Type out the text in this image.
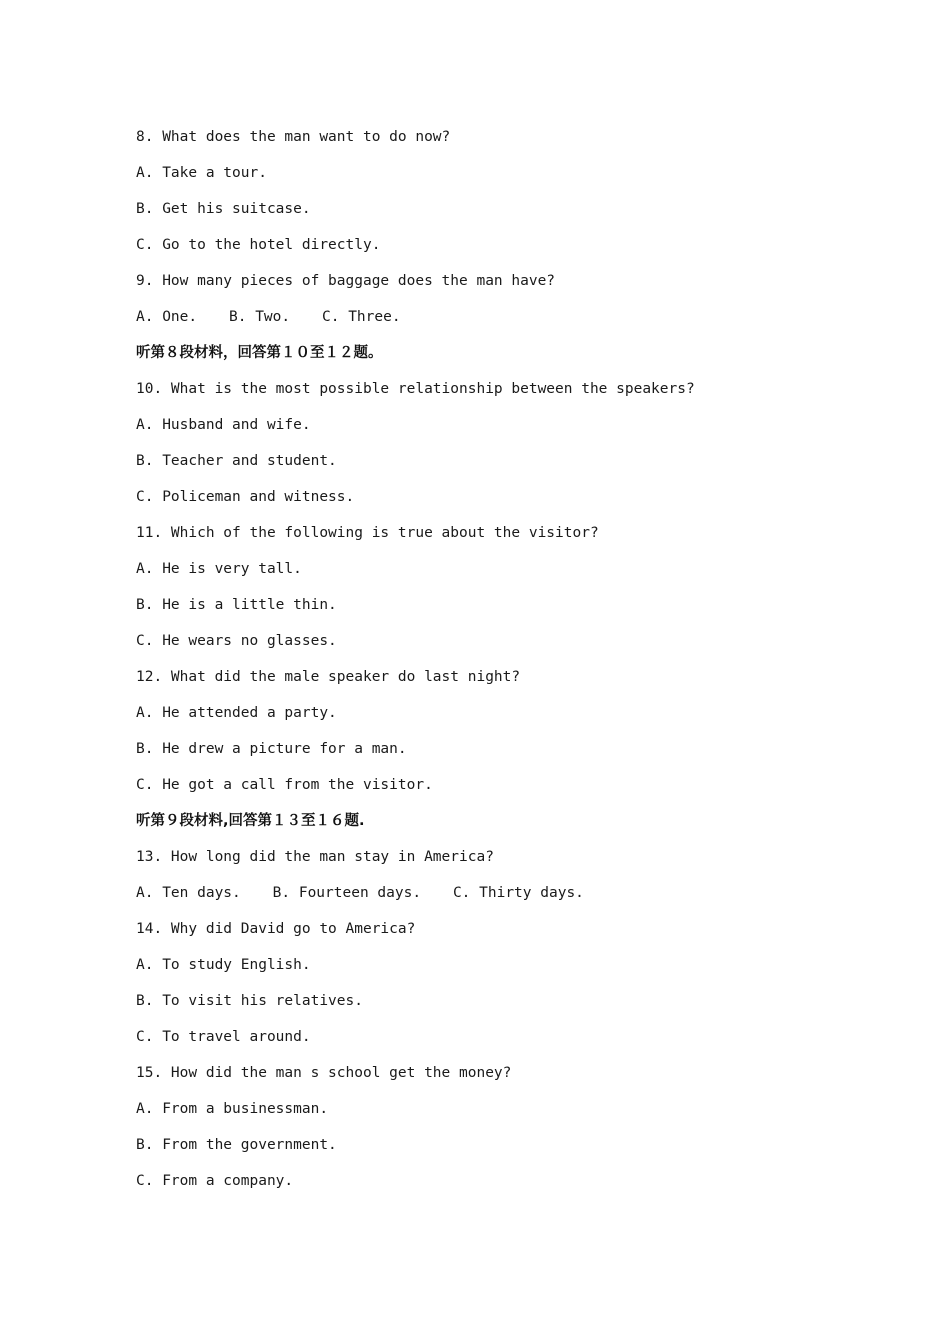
8. What does the man want to do now?
A. Take a tour.
B. Get his suitcase.
C. Go to the hotel directly.
9. How many pieces of baggage does the man have?
A. One. B. Two. C. Three.
听第８段材料，回答第１０至１２题。
10. What is the most possible relationship between the speakers?
A. Husband and wife.
B. Teacher and student.
C. Policeman and witness.
11. Which of the following is true about the visitor?
A. He is very tall.
B. He is a little thin.
C. He wears no glasses.
12. What did the male speaker do last night?
A. He attended a party.
B. He drew a picture for a man.
C. He got a call from the visitor.
听第９段材料,回答第１３至１６题.
13. How long did the man stay in America?
A. Ten days. B. Fourteen days. C. Thirty days.
14. Why did David go to America?
A. To study English.
B. To visit his relatives.
C. To travel around.
15. How did the man s school get the money?
A. From a businessman.
B. From the government.
C. From a company.
